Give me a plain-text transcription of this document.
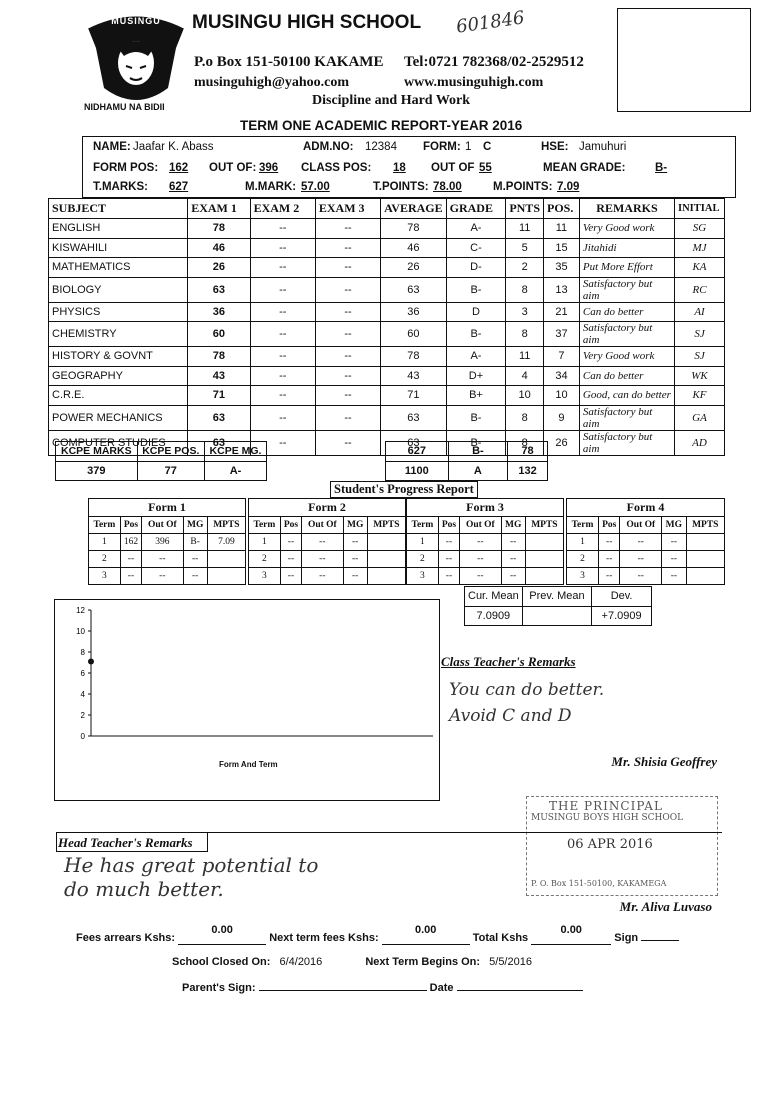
MUSINGU
NIDHAMU NA BIDII
MUSINGU HIGH SCHOOL 601846
P.o Box 151-50100 KAKAME Tel:0721 782368/02-2529512
musinguhigh@yahoo.com	www.musinguhigh.com
Discipline and Hard Work
TERM ONE ACADEMIC REPORT-YEAR 2016
NAME: Jaafar K. Abass	ADM.NO: 12384 FORM: 1 C	HSE: Jamuhuri
FORM POS: 162 OUT OF: 396 CLASS POS: 18 OUT OF 55	MEAN GRADE:	B-
T.MARKS: 627	M.MARK: 57.00	T.POINTS: 78.00	M.POINTS: 7.09
SUBJECT	EXAM 1	EXAM 2	EXAM 3	AVERAGE	GRADE	PNTS	POS.	REMARKS	INITIAL
ENGLISH	78	--	--	78	A-	11	11	Very Good work	SG
KISWAHILI	46	--	--	46	C-	5	15	Jitahidi	MJ
MATHEMATICS	26	--	--	26	D-	2	35	Put More Effort	KA
BIOLOGY	63	--	--	63	B-	8	13	Satisfactory but aim	RC
PHYSICS	36	--	--	36	D	3	21	Can do better	AI
CHEMISTRY	60	--	--	60	B-	8	37	Satisfactory but aim	SJ
HISTORY & GOVNT	78	--	--	78	A-	11	7	Very Good work	SJ
GEOGRAPHY	43	--	--	43	D+	4	34	Can do better	WK
C.R.E.	71	--	--	71	B+	10	10	Good, can do better	KF
POWER MECHANICS	63	--	--	63	B-	8	9	Satisfactory but aim	GA
COMPUTER STUDIES	63	--	--	63	B-	8	26	Satisfactory but aim	AD
KCPE MARKS	KCPE POS.	KCPE MG.
379	77	A-
627	B-	78
1100	A	132
Student's Progress Report
Form 1				
Term	Pos	Out Of	MG	MPTS
1	162	396	B-	7.09
2	--	--	--	
3	--	--	--	
Form 2				
Term	Pos	Out Of	MG	MPTS
1	--	--	--	
2	--	--	--	
3	--	--	--	
Form 3				
Term	Pos	Out Of	MG	MPTS
1	--	--	--	
2	--	--	--	
3	--	--	--	
Form 4				
Term	Pos	Out Of	MG	MPTS
1	--	--	--	
2	--	--	--	
3	--	--	--	
Cur. Mean	Prev. Mean	Dev.
7.0909		+7.0909
0
2
4
6
8
10
12
Form And Term
Class Teacher's Remarks
You can do better.
Avoid C and D
Mr. Shisia Geoffrey
THE PRINCIPAL
MUSINGU BOYS HIGH SCHOOL
06 APR 2016
P. O. Box 151-50100, KAKAMEGA
Head Teacher's Remarks
He has great potential to
do much better.
Mr. Aliva Luvaso
Fees arrears Kshs: 0.00 Next term fees Kshs: 0.00 Total Kshs 0.00 Sign
School Closed On: 6/4/2016	Next Term Begins On: 5/5/2016
Parent's Sign:	Date
